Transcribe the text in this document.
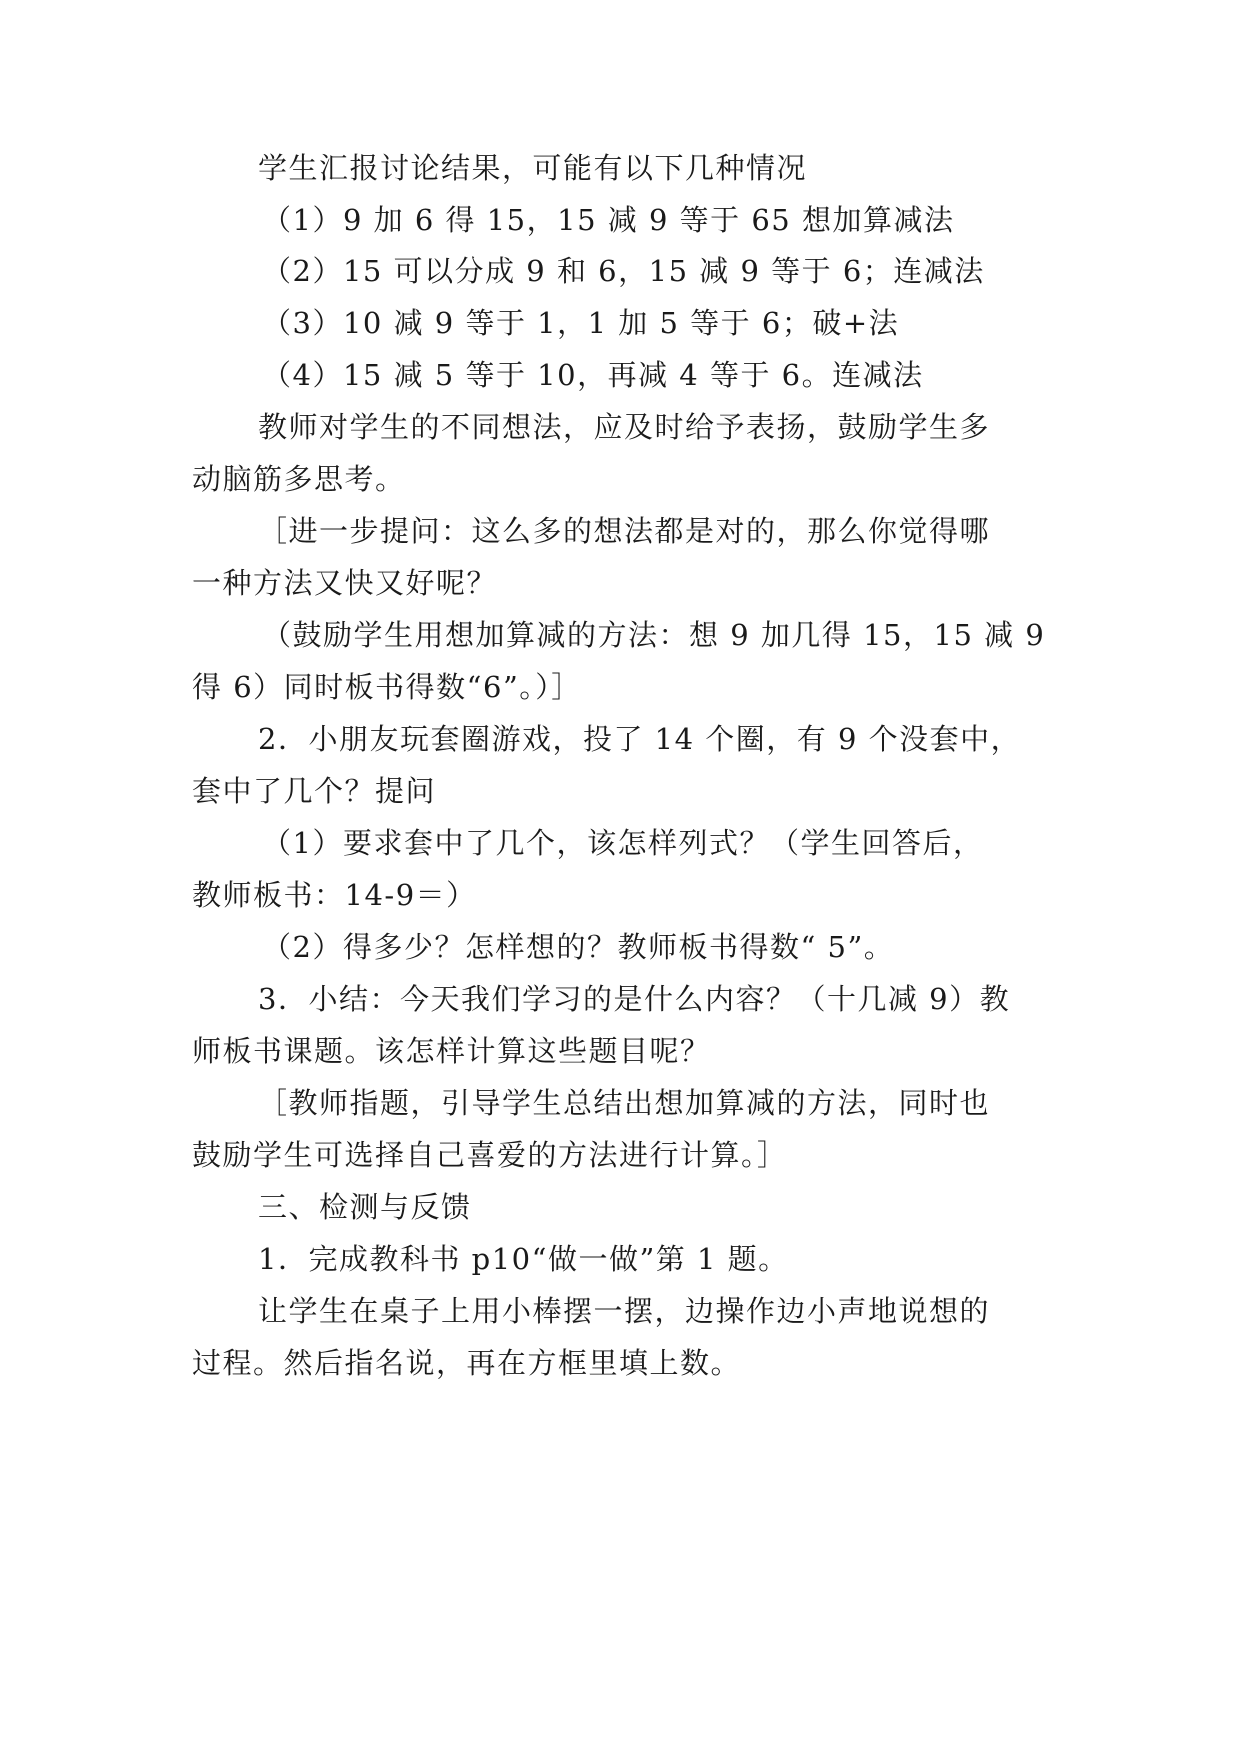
学生汇报讨论结果，可能有以下几种情况
（1）9 加 6 得 15，15 减 9 等于 65 想加算减法
（2）15 可以分成 9 和 6，15 减 9 等于 6；连减法
（3）10 减 9 等于 1，1 加 5 等于 6；破+法
（4）15 减 5 等于 10，再减 4 等于 6。连减法
教师对学生的不同想法，应及时给予表扬，鼓励学生多
动脑筋多思考。
［进一步提问：这么多的想法都是对的，那么你觉得哪
一种方法又快又好呢？
（鼓励学生用想加算减的方法：想 9 加几得 15，15 减 9
得 6）同时板书得数“6”。）］
2．小朋友玩套圈游戏，投了 14 个圈，有 9 个没套中，
套中了几个？提问
（1）要求套中了几个，该怎样列式？（学生回答后，
教师板书：14-9＝）
（2）得多少？怎样想的？教师板书得数“ 5”。
3．小结：今天我们学习的是什么内容？（十几减 9）教
师板书课题。该怎样计算这些题目呢？
［教师指题，引导学生总结出想加算减的方法，同时也
鼓励学生可选择自己喜爱的方法进行计算。］
三、检测与反馈
1．完成教科书 p10“做一做”第 1 题。
让学生在桌子上用小棒摆一摆，边操作边小声地说想的
过程。然后指名说，再在方框里填上数。
